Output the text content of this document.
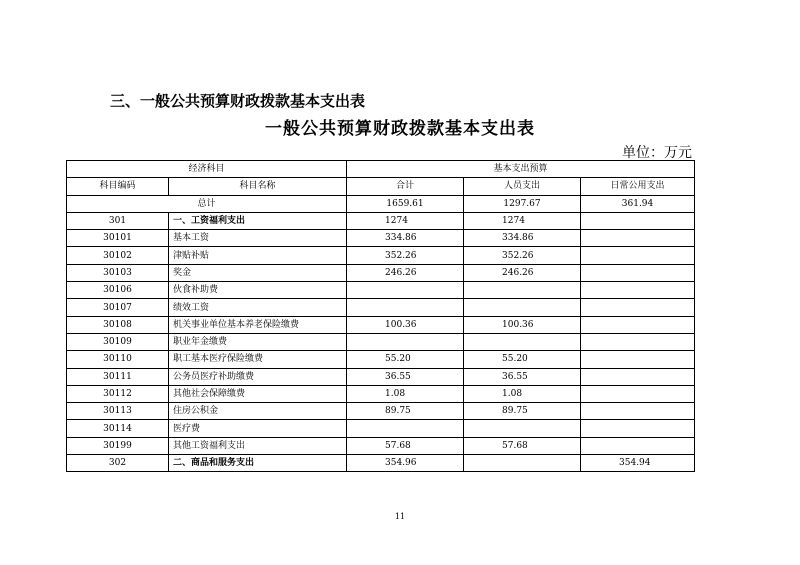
三、一般公共预算财政拨款基本支出表
一般公共预算财政拨款基本支出表
单位：万元
经济科目		基本支出预算		
科目编码	科目名称	合计	人员支出	日常公用支出
总计		1659.61	1297.67	361.94
301	一、工资福利支出	1274	1274	
30101	基本工资	334.86	334.86	
30102	津贴补贴	352.26	352.26	
30103	奖金	246.26	246.26	
30106	伙食补助费			
30107	绩效工资			
30108	机关事业单位基本养老保险缴费	100.36	100.36	
30109	职业年金缴费			
30110	职工基本医疗保险缴费	55.20	55.20	
30111	公务员医疗补助缴费	36.55	36.55	
30112	其他社会保障缴费	1.08	1.08	
30113	住房公积金	89.75	89.75	
30114	医疗费			
30199	其他工资福利支出	57.68	57.68	
302	二、商品和服务支出	354.96		354.94
11
